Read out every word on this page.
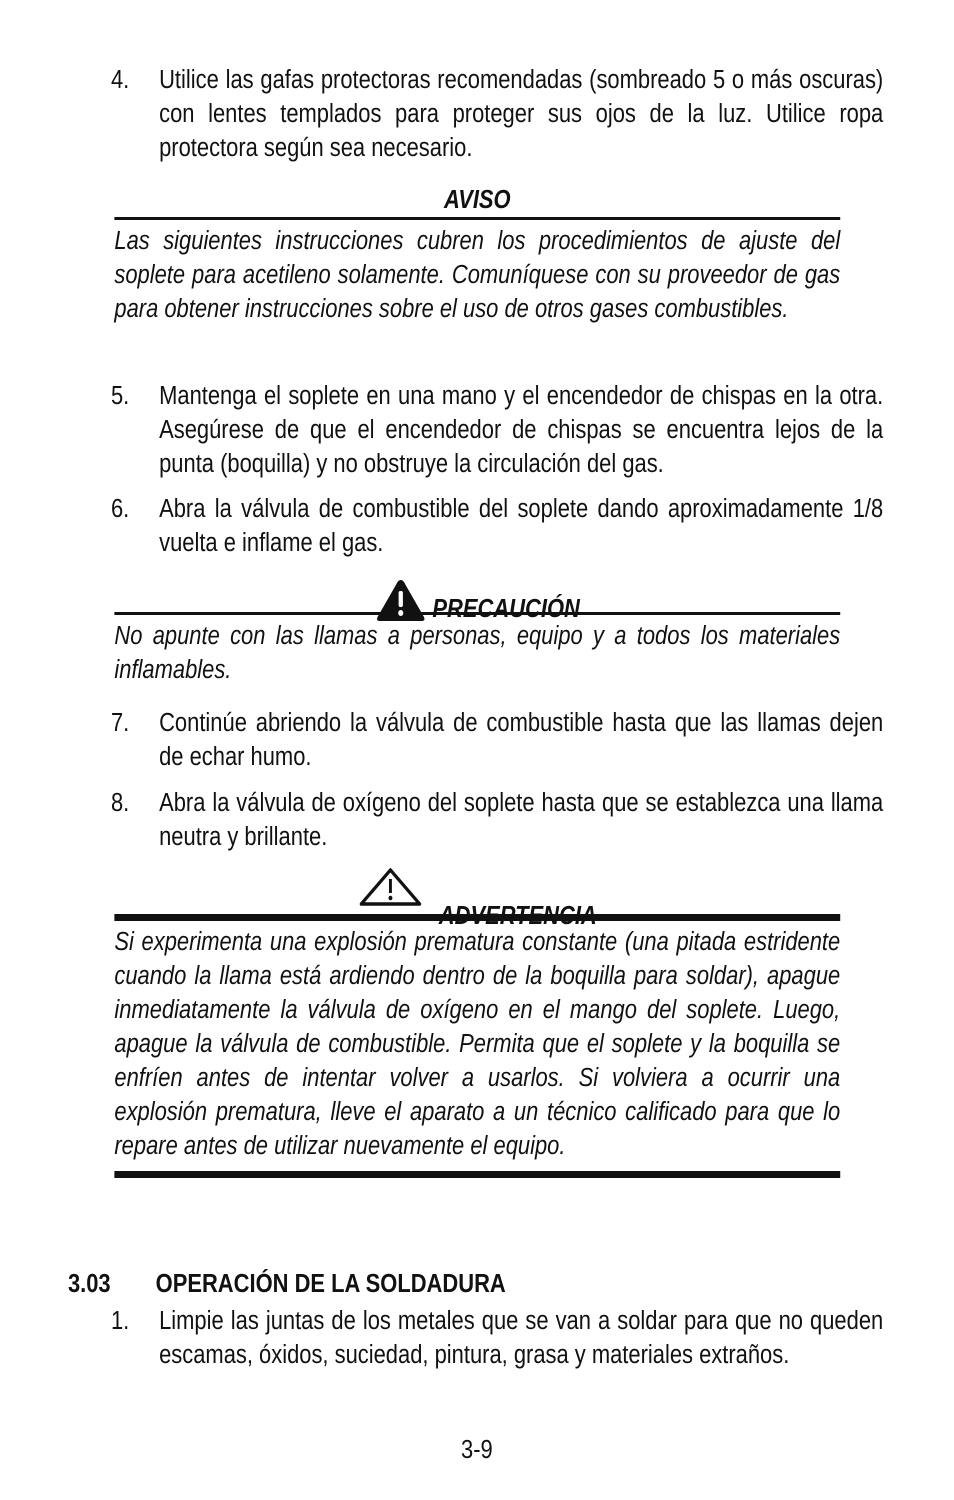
4. Utilice las gafas protectoras recomendadas (sombreado 5 o más oscuras) con lentes templados para proteger sus ojos de la luz. Utilice ropa protectora según sea necesario.
AVISO
Las siguientes instrucciones cubren los procedimientos de ajuste del soplete para acetileno solamente. Comuníquese con su proveedor de gas para obtener instrucciones sobre el uso de otros gases combustibles.
5. Mantenga el soplete en una mano y el encendedor de chispas en la otra. Asegúrese de que el encendedor de chispas se encuentra lejos de la punta (boquilla) y no obstruye la circulación del gas.
6. Abra la válvula de combustible del soplete dando aproximadamente 1/8 vuelta e inflame el gas.
PRECAUCIÓN
No apunte con las llamas a personas, equipo y a todos los materiales inflamables.
7. Continúe abriendo la válvula de combustible hasta que las llamas dejen de echar humo.
8. Abra la válvula de oxígeno del soplete hasta que se establezca una llama neutra y brillante.
ADVERTENCIA
Si experimenta una explosión prematura constante (una pitada estridente cuando la llama está ardiendo dentro de la boquilla para soldar), apague inmediatamente la válvula de oxígeno en el mango del soplete. Luego, apague la válvula de combustible. Permita que el soplete y la boquilla se enfríen antes de intentar volver a usarlos. Si volviera a ocurrir una explosión prematura, lleve el aparato a un técnico calificado para que lo repare antes de utilizar nuevamente el equipo.
3.03 OPERACIÓN DE LA SOLDADURA
1. Limpie las juntas de los metales que se van a soldar para que no queden escamas, óxidos, suciedad, pintura, grasa y materiales extraños.
3-9
